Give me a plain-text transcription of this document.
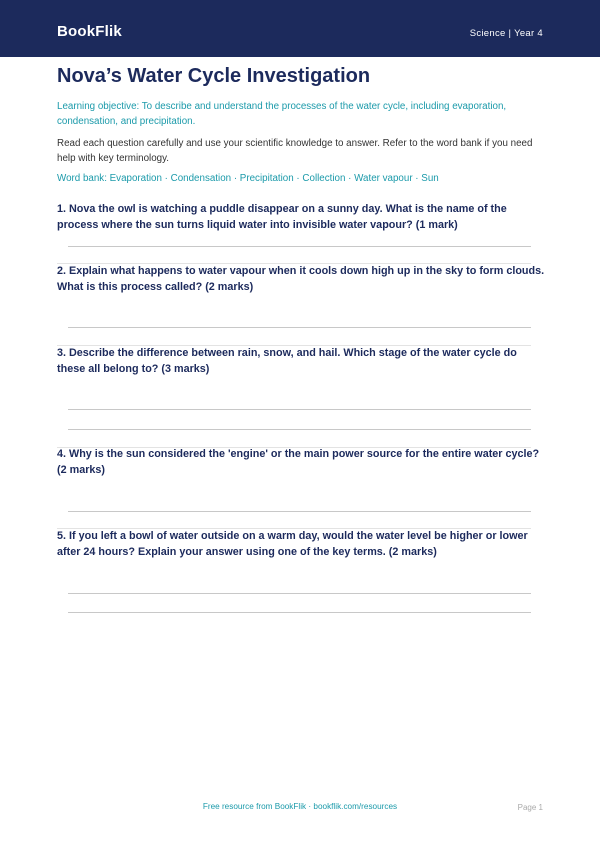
BookFlik	Science | Year 4
Nova’s Water Cycle Investigation
Learning objective: To describe and understand the processes of the water cycle, including evaporation, condensation, and precipitation.
Read each question carefully and use your scientific knowledge to answer. Refer to the word bank if you need help with key terminology.
Word bank: Evaporation · Condensation · Precipitation · Collection · Water vapour · Sun
1. Nova the owl is watching a puddle disappear on a sunny day. What is the name of the process where the sun turns liquid water into invisible water vapour? (1 mark)
2. Explain what happens to water vapour when it cools down high up in the sky to form clouds. What is this process called? (2 marks)
3. Describe the difference between rain, snow, and hail. Which stage of the water cycle do these all belong to? (3 marks)
4. Why is the sun considered the 'engine' or the main power source for the entire water cycle? (2 marks)
5. If you left a bowl of water outside on a warm day, would the water level be higher or lower after 24 hours? Explain your answer using one of the key terms. (2 marks)
Free resource from BookFlik · bookflik.com/resources	Page 1
